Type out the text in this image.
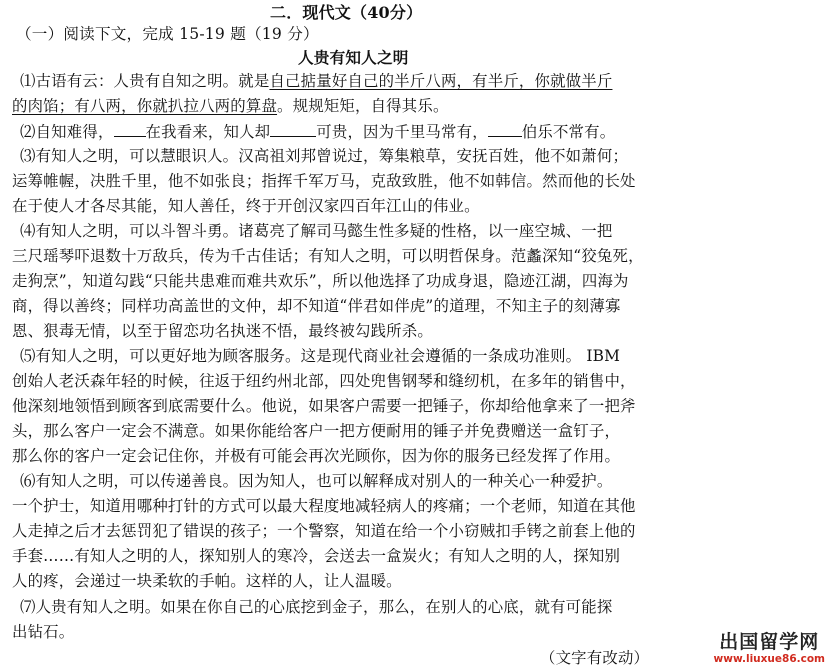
二．现代文（40分）
（一）阅读下文，完成 15-19 题（19 分）
人贵有知人之明
⑴古语有云：人贵有自知之明。就是自己掂量好自己的半斤八两，有半斤，你就做半斤
的肉馅；有八两，你就扒拉八两的算盘。规规矩矩，自得其乐。
⑵自知难得， 在我看来，知人却	可贵，因为千里马常有， 伯乐不常有。
⑶有知人之明，可以慧眼识人。汉高祖刘邦曾说过，筹集粮草，安抚百姓，他不如萧何；
运筹帷幄，决胜千里，他不如张良；指挥千军万马，克敌致胜，他不如韩信。然而他的长处
在于使人才各尽其能，知人善任，终于开创汉家四百年江山的伟业。
⑷有知人之明，可以斗智斗勇。诸葛亮了解司马懿生性多疑的性格，以一座空城、一把
三尺瑶琴吓退数十万敌兵，传为千古佳话；有知人之明，可以明哲保身。范蠡深知“狡兔死，
走狗烹”，知道勾践“只能共患难而难共欢乐”，所以他选择了功成身退，隐迹江湖，四海为
商，得以善终；同样功高盖世的文仲，却不知道“伴君如伴虎”的道理，不知主子的刻薄寡
恩、狠毒无情，以至于留恋功名执迷不悟，最终被勾践所杀。
⑸有知人之明，可以更好地为顾客服务。这是现代商业社会遵循的一条成功准则。 IBM
创始人老沃森年轻的时候，往返于纽约州北部，四处兜售钢琴和缝纫机，在多年的销售中，
他深刻地领悟到顾客到底需要什么。他说，如果客户需要一把锤子，你却给他拿来了一把斧
头，那么客户一定会不满意。如果你能给客户一把方便耐用的锤子并免费赠送一盒钉子，
那么你的客户一定会记住你，并极有可能会再次光顾你，因为你的服务已经发挥了作用。
⑹有知人之明，可以传递善良。因为知人，也可以解释成对别人的一种关心一种爱护。
一个护士，知道用哪种打针的方式可以最大程度地减轻病人的疼痛；一个老师，知道在其他
人走掉之后才去惩罚犯了错误的孩子；一个警察，知道在给一个小窃贼扣手铐之前套上他的
手套……有知人之明的人，探知别人的寒冷，会送去一盒炭火；有知人之明的人，探知别
人的疼，会递过一块柔软的手帕。这样的人，让人温暖。
⑺人贵有知人之明。如果在你自己的心底挖到金子，那么，在别人的心底，就有可能探
出钻石。
（文字有改动）
出国留学网
www.liuxue86.com
